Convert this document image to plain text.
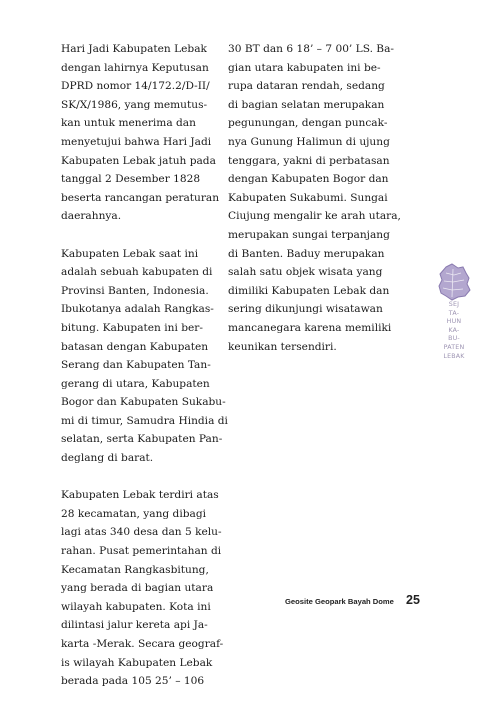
Hari Jadi Kabupaten Lebak
dengan lahirnya Keputusan
DPRD nomor 14/172.2/D-II/
SK/X/1986, yang memutus-
kan untuk menerima dan
menyetujui bahwa Hari Jadi
Kabupaten Lebak jatuh pada
tanggal 2 Desember 1828
beserta rancangan peraturan
daerahnya.

Kabupaten Lebak saat ini
adalah sebuah kabupaten di
Provinsi Banten, Indonesia.
Ibukotanya adalah Rangkas-
bitung. Kabupaten ini ber-
batasan dengan Kabupaten
Serang dan Kabupaten Tan-
gerang di utara, Kabupaten
Bogor dan Kabupaten Sukabu-
mi di timur, Samudra Hindia di
selatan, serta Kabupaten Pan-
deglang di barat.

Kabupaten Lebak terdiri atas
28 kecamatan, yang dibagi
lagi atas 340 desa dan 5 kelu-
rahan. Pusat pemerintahan di
Kecamatan Rangkasbitung,
yang berada di bagian utara
wilayah kabupaten. Kota ini
dilintasi jalur kereta api Ja-
karta -Merak. Secara geograf-
is wilayah Kabupaten Lebak
berada pada 105 25’ – 106

30 BT dan 6 18’ – 7 00’ LS. Ba-
gian utara kabupaten ini be-
rupa dataran rendah, sedang
di bagian selatan merupakan
pegunungan, dengan puncak-
nya Gunung Halimun di ujung
tenggara, yakni di perbatasan
dengan Kabupaten Bogor dan
Kabupaten Sukabumi. Sungai
Ciujung mengalir ke arah utara,
merupakan sungai terpanjang
di Banten. Baduy merupakan
salah satu objek wisata yang
dimiliki Kabupaten Lebak dan
sering dikunjungi wisatawan
mancanegara karena memiliki
keunikan tersendiri.

SEJ
TA-
HUN
KA-
BU-
PATEN
LEBAK
Geosite Geopark Bayah Dome 25
